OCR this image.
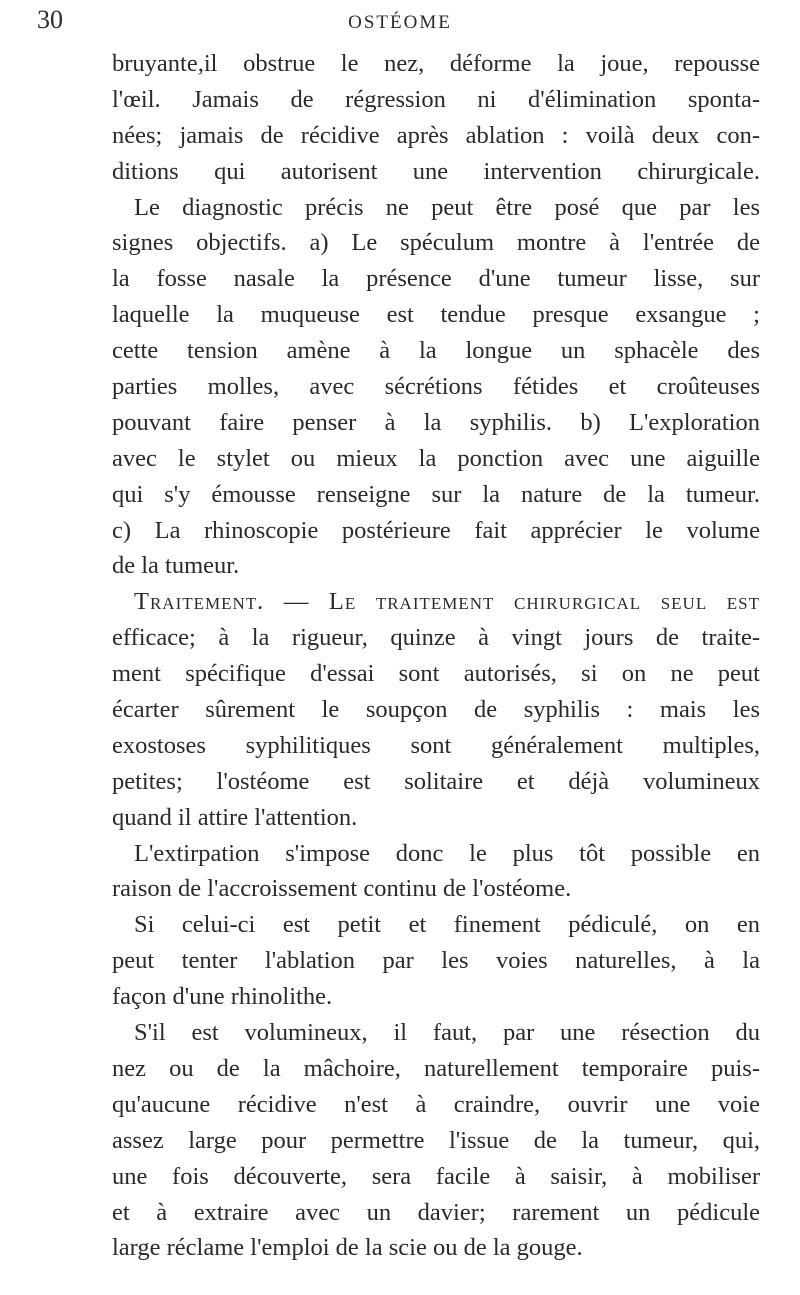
30	OSTÉOME
bruyante,il obstrue le nez, déforme la joue, repousse
l'œil. Jamais de régression ni d'élimination sponta-
nées; jamais de récidive après ablation : voilà deux con-
ditions qui autorisent une intervention chirurgicale.
Le diagnostic précis ne peut être posé que par les
signes objectifs. a) Le spéculum montre à l'entrée de
la fosse nasale la présence d'une tumeur lisse, sur
laquelle la muqueuse est tendue presque exsangue ;
cette tension amène à la longue un sphacèle des
parties molles, avec sécrétions fétides et croûteuses
pouvant faire penser à la syphilis. b) L'exploration
avec le stylet ou mieux la ponction avec une aiguille
qui s'y émousse renseigne sur la nature de la tumeur.
c) La rhinoscopie postérieure fait apprécier le volume
de la tumeur.
Traitement. — Le traitement chirurgical seul est
efficace; à la rigueur, quinze à vingt jours de traite-
ment spécifique d'essai sont autorisés, si on ne peut
écarter sûrement le soupçon de syphilis : mais les
exostoses syphilitiques sont généralement multiples,
petites; l'ostéome est solitaire et déjà volumineux
quand il attire l'attention.
L'extirpation s'impose donc le plus tôt possible en
raison de l'accroissement continu de l'ostéome.
Si celui-ci est petit et finement pédiculé, on en
peut tenter l'ablation par les voies naturelles, à la
façon d'une rhinolithe.
S'il est volumineux, il faut, par une résection du
nez ou de la mâchoire, naturellement temporaire puis-
qu'aucune récidive n'est à craindre, ouvrir une voie
assez large pour permettre l'issue de la tumeur, qui,
une fois découverte, sera facile à saisir, à mobiliser
et à extraire avec un davier; rarement un pédicule
large réclame l'emploi de la scie ou de la gouge.
